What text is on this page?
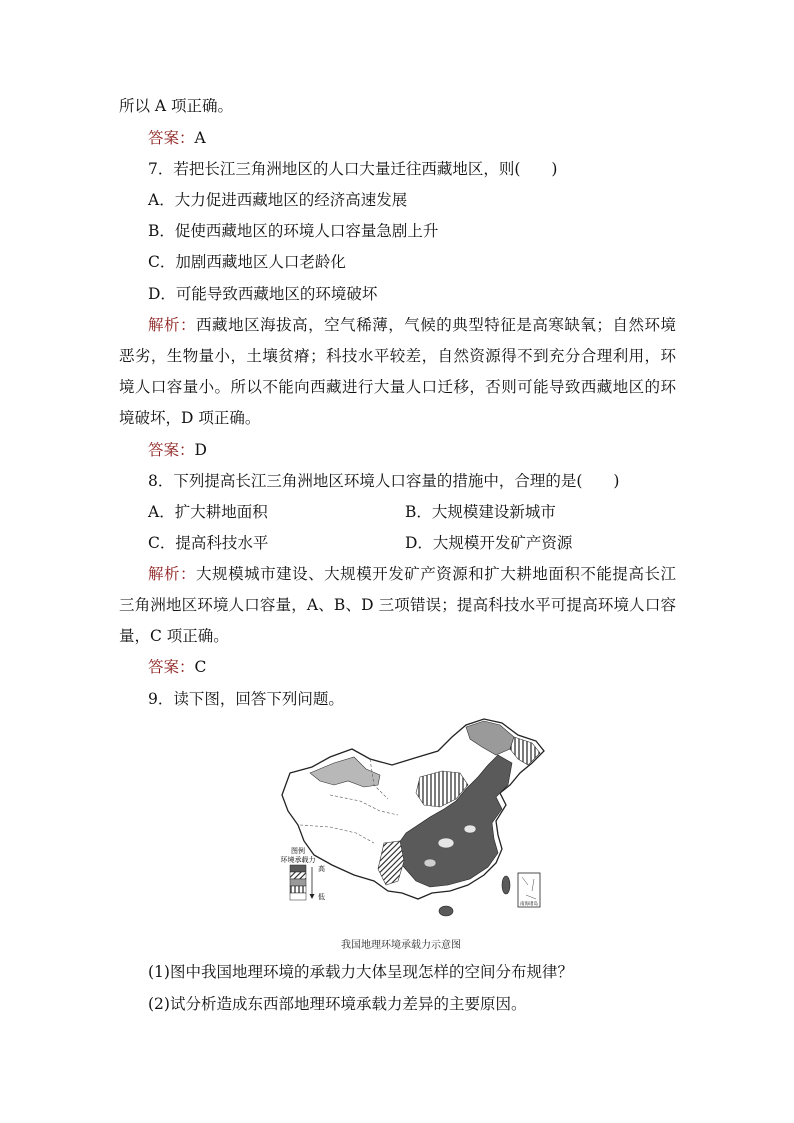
所以 A 项正确。
答案：A
7．若把长江三角洲地区的人口大量迁往西藏地区，则(　　)
A．大力促进西藏地区的经济高速发展
B．促使西藏地区的环境人口容量急剧上升
C．加剧西藏地区人口老龄化
D．可能导致西藏地区的环境破坏
解析：西藏地区海拔高，空气稀薄，气候的典型特征是高寒缺氧；自然环境
恶劣，生物量小，土壤贫瘠；科技水平较差，自然资源得不到充分合理利用，环
境人口容量小。所以不能向西藏进行大量人口迁移，否则可能导致西藏地区的环
境破坏，D 项正确。
答案：D
8．下列提高长江三角洲地区环境人口容量的措施中，合理的是(　　)
A．扩大耕地面积	B．大规模建设新城市
C．提高科技水平	D．大规模开发矿产资源
解析：大规模城市建设、大规模开发矿产资源和扩大耕地面积不能提高长江
三角洲地区环境人口容量，A、B、D 三项错误；提高科技水平可提高环境人口容
量，C 项正确。
答案：C
9．读下图，回答下列问题。
南海诸岛
图例
环境承载力
高
低
我国地理环境承载力示意图
(1)图中我国地理环境的承载力大体呈现怎样的空间分布规律？
(2)试分析造成东西部地理环境承载力差异的主要原因。
